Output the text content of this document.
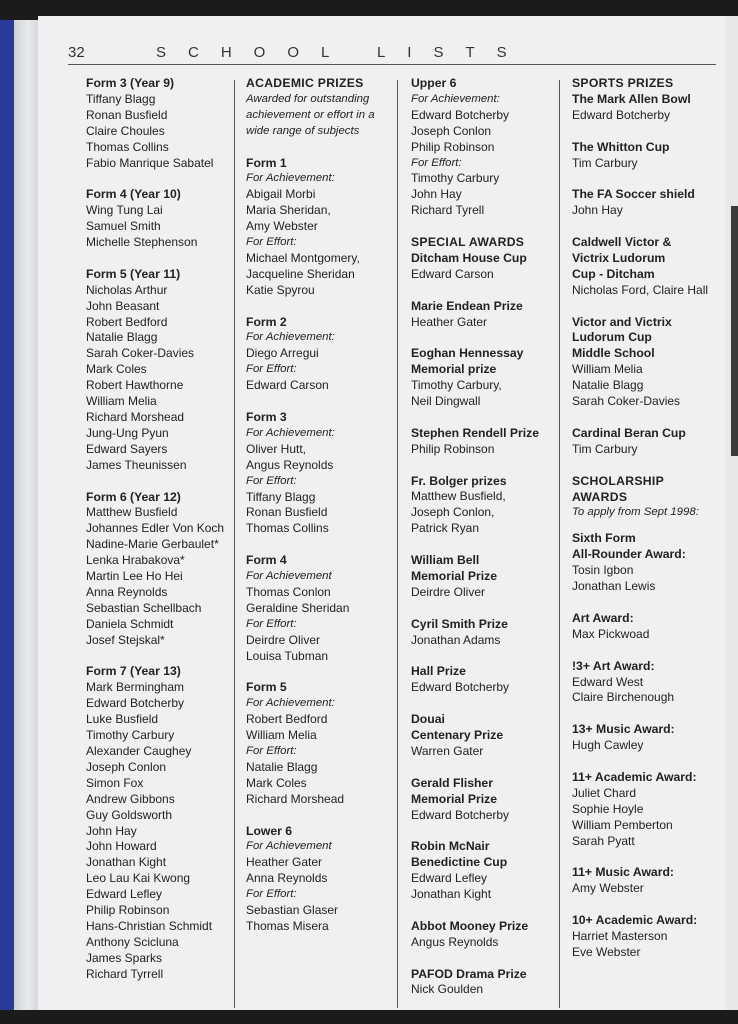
32	SCHOOL LISTS
Form 3 (Year 9)
Tiffany Blagg
Ronan Busfield
Claire Choules
Thomas Collins
Fabio Manrique Sabatel
Form 4 (Year 10)
Wing Tung Lai
Samuel Smith
Michelle Stephenson
Form 5 (Year 11)
Nicholas Arthur
John Beasant
Robert Bedford
Natalie Blagg
Sarah Coker-Davies
Mark Coles
Robert Hawthorne
William Melia
Richard Morshead
Jung-Ung Pyun
Edward Sayers
James Theunissen
Form 6 (Year 12)
Matthew Busfield
Johannes Edler Von Koch
Nadine-Marie Gerbaulet*
Lenka Hrabakova*
Martin Lee Ho Hei
Anna Reynolds
Sebastian Schellbach
Daniela Schmidt
Josef Stejskal*
Form 7 (Year 13)
Mark Bermingham
Edward Botcherby
Luke Busfield
Timothy Carbury
Alexander Caughey
Joseph Conlon
Simon Fox
Andrew Gibbons
Guy Goldsworth
John Hay
John Howard
Jonathan Kight
Leo Lau Kai Kwong
Edward Lefley
Philip Robinson
Hans-Christian Schmidt
Anthony Scicluna
James Sparks
Richard Tyrrell
ACADEMIC PRIZES
Awarded for outstanding
achievement or effort in a
wide range of subjects
Form 1
For Achievement:
Abigail Morbi
Maria Sheridan,
Amy Webster
For Effort:
Michael Montgomery,
Jacqueline Sheridan
Katie Spyrou
Form 2
For Achievement:
Diego Arregui
For Effort:
Edward Carson
Form 3
For Achievement:
Oliver Hutt,
Angus Reynolds
For Effort:
Tiffany Blagg
Ronan Busfield
Thomas Collins
Form 4
For Achievement
Thomas Conlon
Geraldine Sheridan
For Effort:
Deirdre Oliver
Louisa Tubman
Form 5
For Achievement:
Robert Bedford
William Melia
For Effort:
Natalie Blagg
Mark Coles
Richard Morshead
Lower 6
For Achievement
Heather Gater
Anna Reynolds
For Effort:
Sebastian Glaser
Thomas Misera
Upper 6
For Achievement:
Edward Botcherby
Joseph Conlon
Philip Robinson
For Effort:
Timothy Carbury
John Hay
Richard Tyrell
SPECIAL AWARDS
Ditcham House Cup
Edward Carson
Marie Endean Prize
Heather Gater
Eoghan Hennessay
Memorial prize
Timothy Carbury,
Neil Dingwall
Stephen Rendell Prize
Philip Robinson
Fr. Bolger prizes
Matthew Busfield,
Joseph Conlon,
Patrick Ryan
William Bell
Memorial Prize
Deirdre Oliver
Cyril Smith Prize
Jonathan Adams
Hall Prize
Edward Botcherby
Douai
Centenary Prize
Warren Gater
Gerald Flisher
Memorial Prize
Edward Botcherby
Robin McNair
Benedictine Cup
Edward Lefley
Jonathan Kight
Abbot Mooney Prize
Angus Reynolds
PAFOD Drama Prize
Nick Goulden
SPORTS PRIZES
The Mark Allen Bowl
Edward Botcherby
The Whitton Cup
Tim Carbury
The FA Soccer shield
John Hay
Caldwell Victor &
Victrix Ludorum
Cup - Ditcham
Nicholas Ford, Claire Hall
Victor and Victrix
Ludorum Cup
Middle School
William Melia
Natalie Blagg
Sarah Coker-Davies
Cardinal Beran Cup
Tim Carbury
SCHOLARSHIP
AWARDS
To apply from Sept 1998:
Sixth Form
All-Rounder Award:
Tosin Igbon
Jonathan Lewis
Art Award:
Max Pickwoad
!3+ Art Award:
Edward West
Claire Birchenough
13+ Music Award:
Hugh Cawley
11+ Academic Award:
Juliet Chard
Sophie Hoyle
William Pemberton
Sarah Pyatt
11+ Music Award:
Amy Webster
10+ Academic Award:
Harriet Masterson
Eve Webster
